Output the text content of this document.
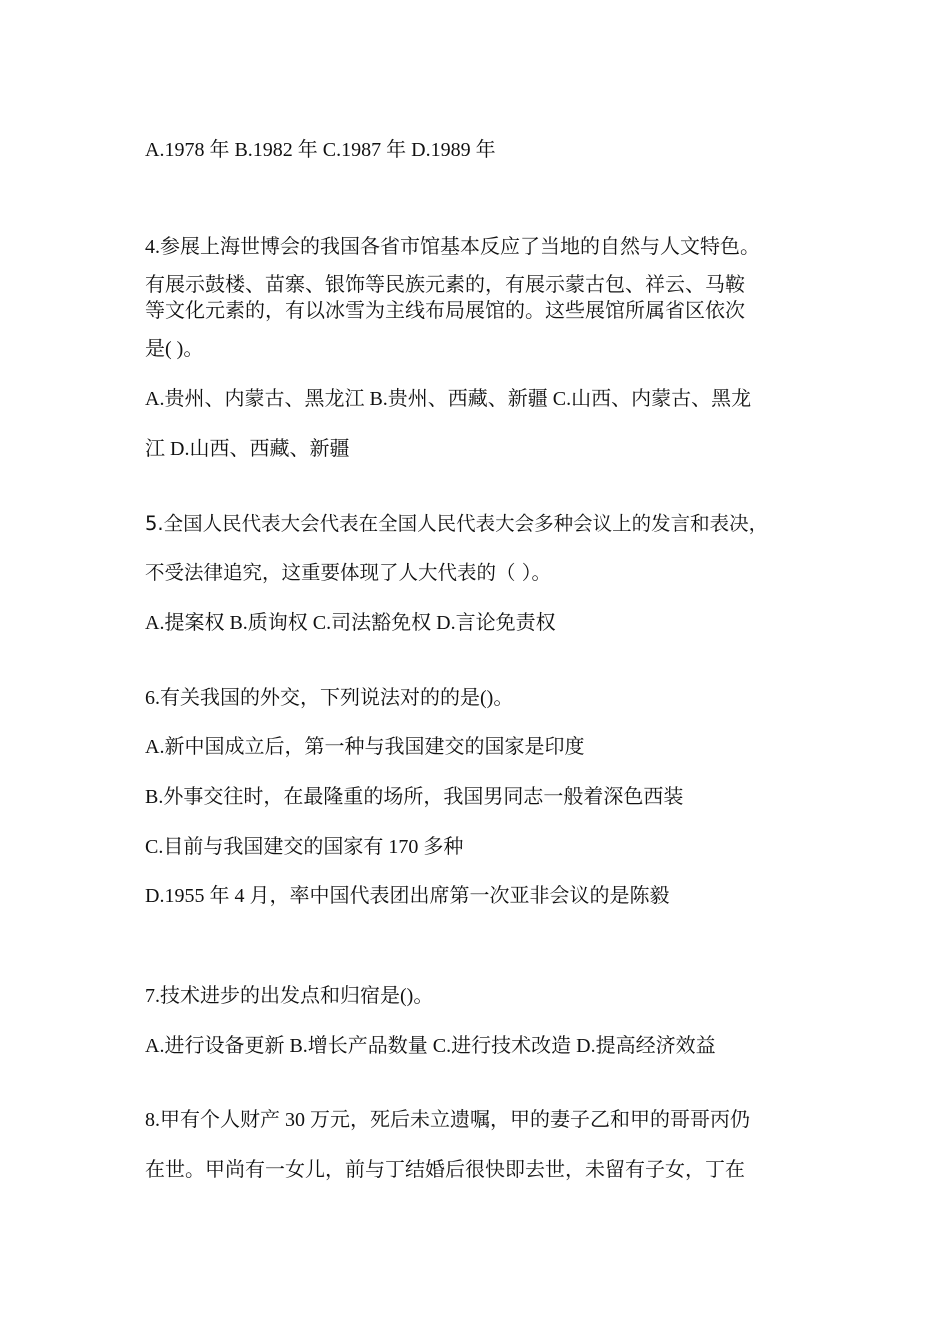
A.1978 年 B.1982 年 C.1987 年 D.1989 年
4.参展上海世博会的我国各省市馆基本反应了当地的自然与人文特色。
有展示鼓楼、苗寨、银饰等民族元素的，有展示蒙古包、祥云、马鞍
等文化元素的，有以冰雪为主线布局展馆的。这些展馆所属省区依次
是( )。
A.贵州、内蒙古、黑龙江 B.贵州、西藏、新疆 C.山西、内蒙古、黑龙
江 D.山西、西藏、新疆
5.全国人民代表大会代表在全国人民代表大会多种会议上的发言和表决，
不受法律追究，这重要体现了人大代表的（ ）。
A.提案权 B.质询权 C.司法豁免权 D.言论免责权
6.有关我国的外交，下列说法对的的是()。
A.新中国成立后，第一种与我国建交的国家是印度
B.外事交往时，在最隆重的场所，我国男同志一般着深色西装
C.目前与我国建交的国家有 170 多种
D.1955 年 4 月，率中国代表团出席第一次亚非会议的是陈毅
7.技术进步的出发点和归宿是()。
A.进行设备更新 B.增长产品数量 C.进行技术改造 D.提高经济效益
8.甲有个人财产 30 万元，死后未立遗嘱，甲的妻子乙和甲的哥哥丙仍
在世。甲尚有一女儿，前与丁结婚后很快即去世，未留有子女，丁在
